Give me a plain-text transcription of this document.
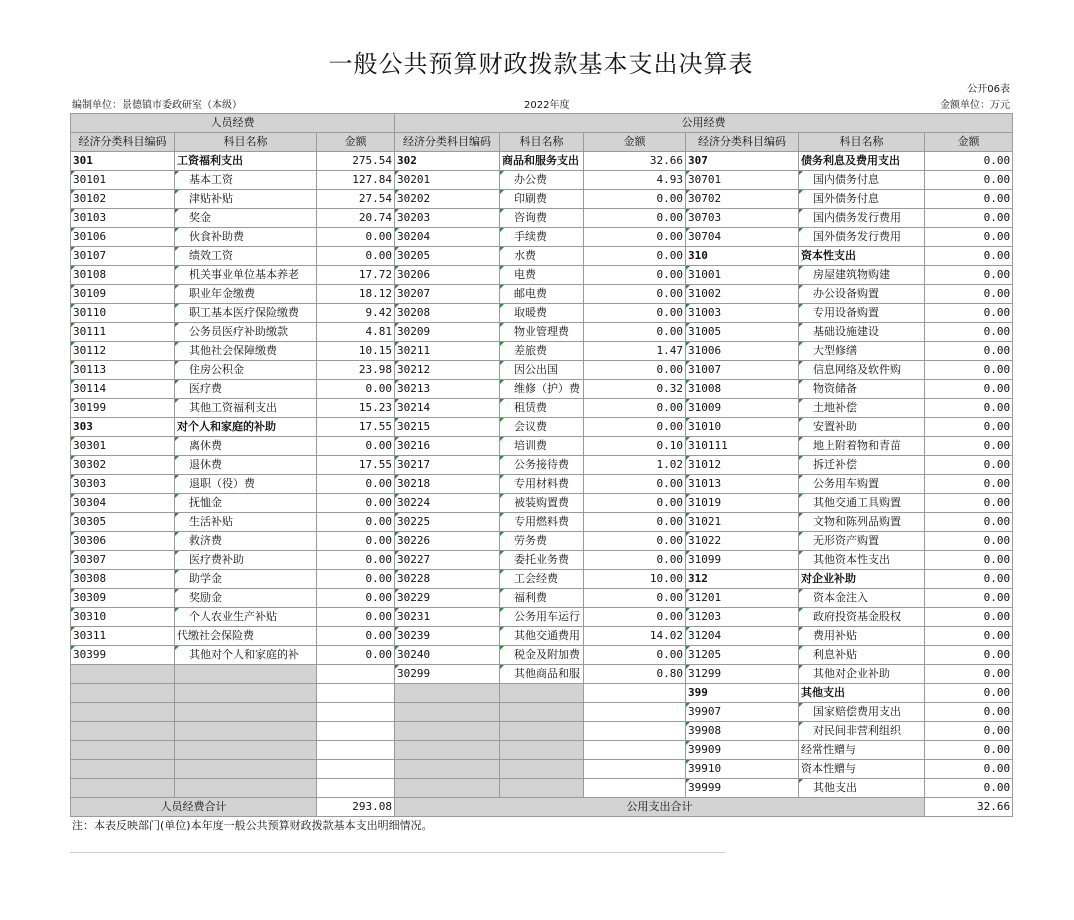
一般公共预算财政拨款基本支出决算表
公开06表
编制单位：景德镇市委政研室（本级）	2022年度	金额单位：万元
人员经费			公用经费					
经济分类科目编码	科目名称	金额	经济分类科目编码	科目名称	金额	经济分类科目编码	科目名称	金额
301	工资福利支出	275.54	302	商品和服务支出	32.66	307	债务利息及费用支出	0.00
30101	基本工资	127.84	30201	办公费	4.93	30701	国内债务付息	0.00
30102	津贴补贴	27.54	30202	印刷费	0.00	30702	国外债务付息	0.00
30103	奖金	20.74	30203	咨询费	0.00	30703	国内债务发行费用	0.00
30106	伙食补助费	0.00	30204	手续费	0.00	30704	国外债务发行费用	0.00
30107	绩效工资	0.00	30205	水费	0.00	310	资本性支出	0.00
30108	机关事业单位基本养老	17.72	30206	电费	0.00	31001	房屋建筑物购建	0.00
30109	职业年金缴费	18.12	30207	邮电费	0.00	31002	办公设备购置	0.00
30110	职工基本医疗保险缴费	9.42	30208	取暖费	0.00	31003	专用设备购置	0.00
30111	公务员医疗补助缴款	4.81	30209	物业管理费	0.00	31005	基础设施建设	0.00
30112	其他社会保障缴费	10.15	30211	差旅费	1.47	31006	大型修缮	0.00
30113	住房公积金	23.98	30212	因公出国	0.00	31007	信息网络及软件购	0.00
30114	医疗费	0.00	30213	维修（护）费	0.32	31008	物资储备	0.00
30199	其他工资福利支出	15.23	30214	租赁费	0.00	31009	土地补偿	0.00
303	对个人和家庭的补助	17.55	30215	会议费	0.00	31010	安置补助	0.00
30301	离休费	0.00	30216	培训费	0.10	310111	地上附着物和青苗	0.00
30302	退休费	17.55	30217	公务接待费	1.02	31012	拆迁补偿	0.00
30303	退职（役）费	0.00	30218	专用材料费	0.00	31013	公务用车购置	0.00
30304	抚恤金	0.00	30224	被装购置费	0.00	31019	其他交通工具购置	0.00
30305	生活补贴	0.00	30225	专用燃料费	0.00	31021	文物和陈列品购置	0.00
30306	救济费	0.00	30226	劳务费	0.00	31022	无形资产购置	0.00
30307	医疗费补助	0.00	30227	委托业务费	0.00	31099	其他资本性支出	0.00
30308	助学金	0.00	30228	工会经费	10.00	312	对企业补助	0.00
30309	奖励金	0.00	30229	福利费	0.00	31201	资本金注入	0.00
30310	个人农业生产补贴	0.00	30231	公务用车运行	0.00	31203	政府投资基金股权	0.00
30311	代缴社会保险费	0.00	30239	其他交通费用	14.02	31204	费用补贴	0.00
30399	其他对个人和家庭的补	0.00	30240	税金及附加费	0.00	31205	利息补贴	0.00
			30299	其他商品和服	0.80	31299	其他对企业补助	0.00
						399	其他支出	0.00
						39907	国家赔偿费用支出	0.00
						39908	对民间非营利组织	0.00
						39909	经常性赠与	0.00
						39910	资本性赠与	0.00
						39999	其他支出	0.00
人员经费合计		293.08	公用支出合计					32.66
注：本表反映部门(单位)本年度一般公共预算财政拨款基本支出明细情况。
